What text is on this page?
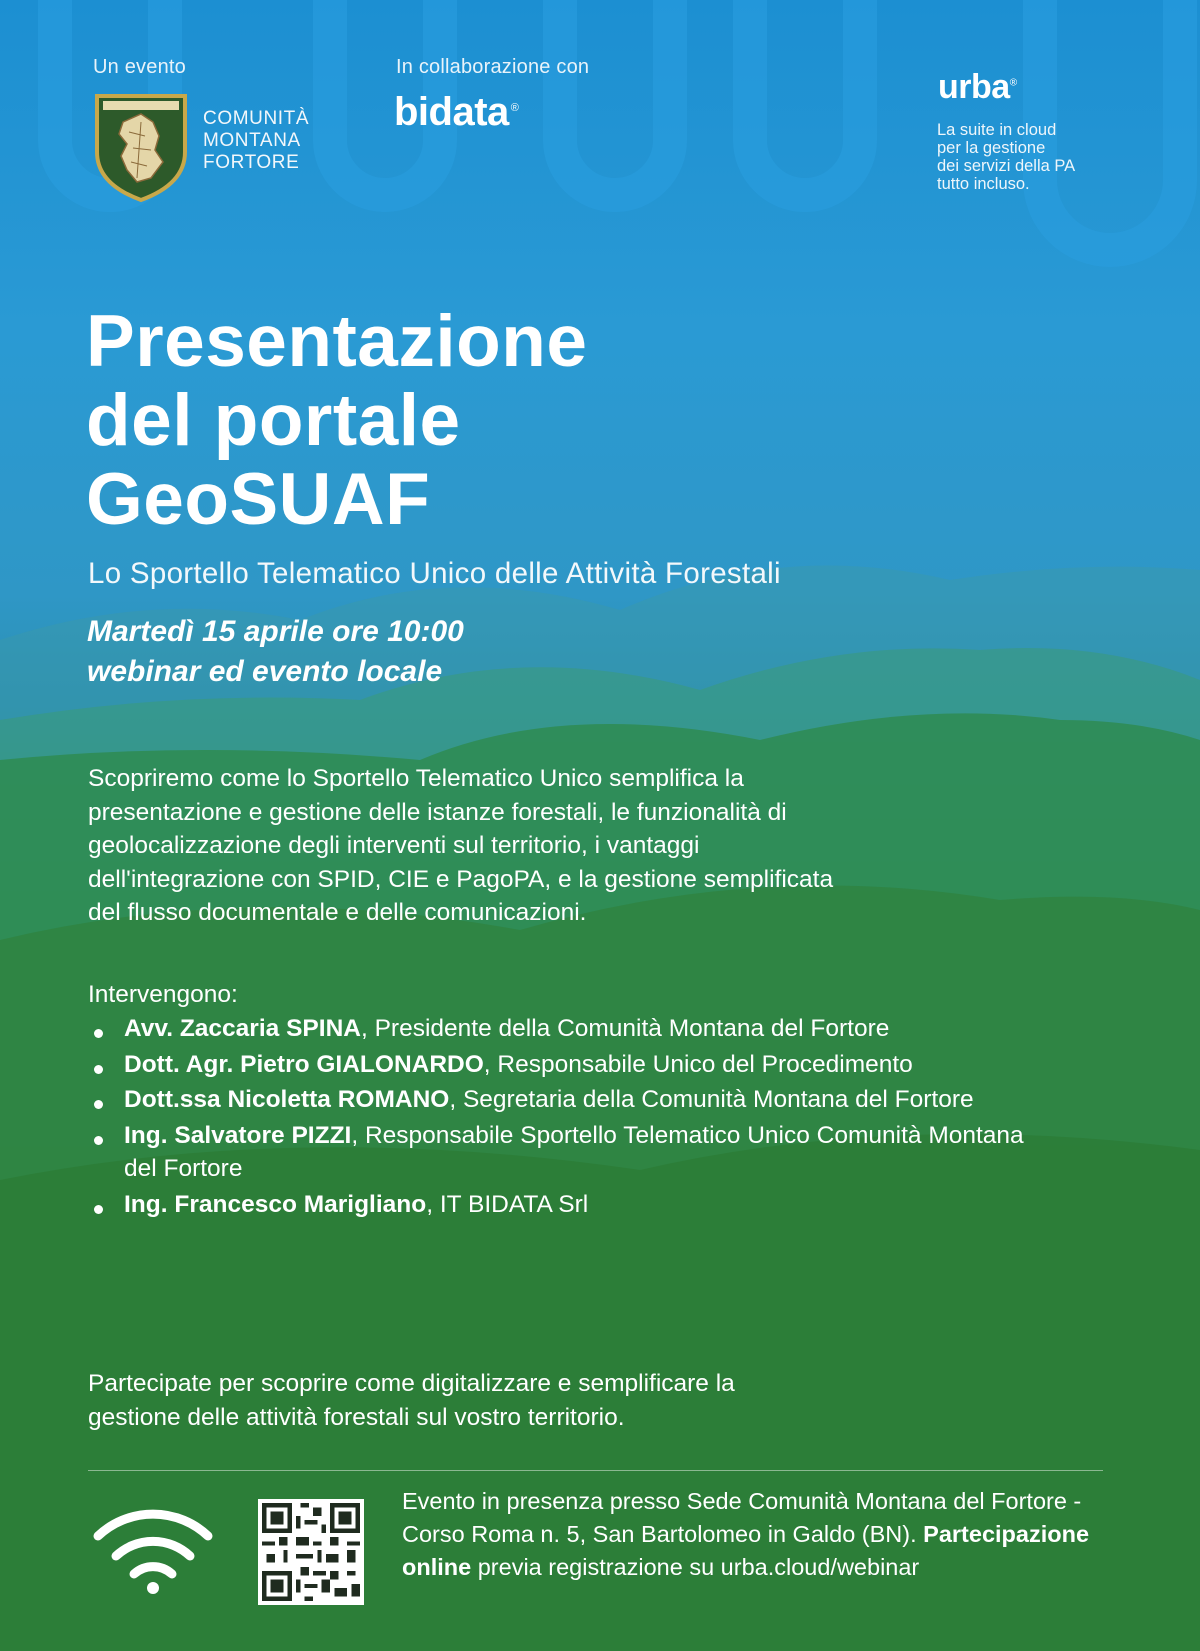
Un evento
COMUNITÀ
MONTANA
FORTORE
In collaborazione con
bidata ®
urba®
La suite in cloud
per la gestione
dei servizi della PA
tutto incluso.
Presentazione
del portale
GeoSUAF
Lo Sportello Telematico Unico delle Attività Forestali
Martedì 15 aprile ore 10:00
webinar ed evento locale

Scopriremo come lo Sportello Telematico Unico semplifica la

presentazione e gestione delle istanze forestali, le funzionalità di

geolocalizzazione degli interventi sul territorio, i vantaggi

dell'integrazione con SPID, CIE e PagoPA, e la gestione semplificata

del flusso documentale e delle comunicazioni.

Intervengono:
Avv. Zaccaria SPINA, Presidente della Comunità Montana del Fortore
Dott. Agr. Pietro GIALONARDO, Responsabile Unico del Procedimento
Dott.ssa Nicoletta ROMANO, Segretaria della Comunità Montana del Fortore
Ing. Salvatore PIZZI, Responsabile Sportello Telematico Unico Comunità Montana del Fortore
Ing. Francesco Marigliano, IT BIDATA Srl
Partecipate per scoprire come digitalizzare e semplificare la
gestione delle attività forestali sul vostro territorio.
Evento in presenza presso Sede Comunità Montana del Fortore - Corso Roma n. 5, San Bartolomeo in Galdo (BN). Partecipazione online previa registrazione su urba.cloud/webinar
